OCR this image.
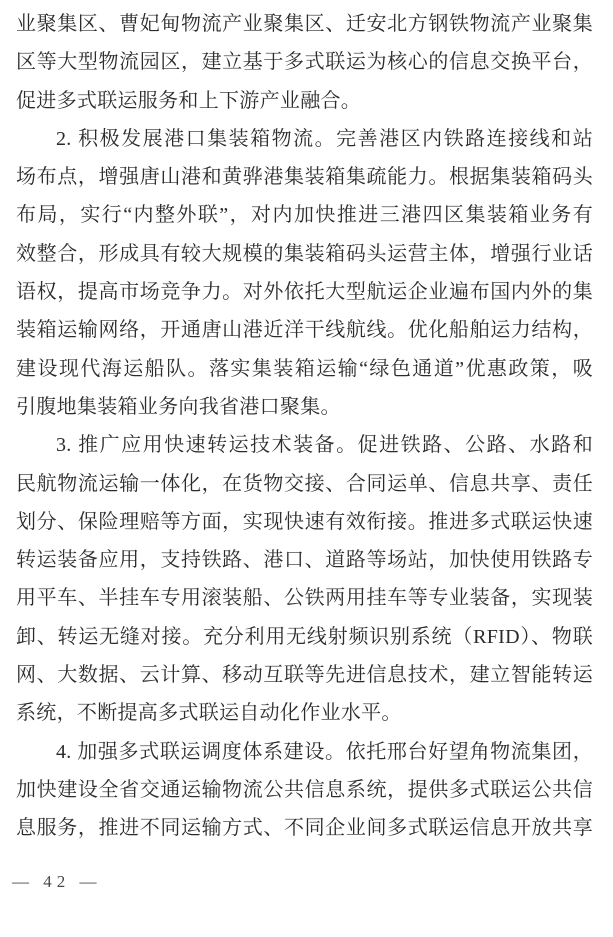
业聚集区、曹妃甸物流产业聚集区、迁安北方钢铁物流产业聚集
区等大型物流园区，建立基于多式联运为核心的信息交换平台，
促进多式联运服务和上下游产业融合。
2. 积极发展港口集装箱物流。完善港区内铁路连接线和站
场布点，增强唐山港和黄骅港集装箱集疏能力。根据集装箱码头
布局，实行“内整外联”，对内加快推进三港四区集装箱业务有
效整合，形成具有较大规模的集装箱码头运营主体，增强行业话
语权，提高市场竞争力。对外依托大型航运企业遍布国内外的集
装箱运输网络，开通唐山港近洋干线航线。优化船舶运力结构，
建设现代海运船队。落实集装箱运输“绿色通道”优惠政策，吸
引腹地集装箱业务向我省港口聚集。
3. 推广应用快速转运技术装备。促进铁路、公路、水路和
民航物流运输一体化，在货物交接、合同运单、信息共享、责任
划分、保险理赔等方面，实现快速有效衔接。推进多式联运快速
转运装备应用，支持铁路、港口、道路等场站，加快使用铁路专
用平车、半挂车专用滚装船、公铁两用挂车等专业装备，实现装
卸、转运无缝对接。充分利用无线射频识别系统（RFID）、物联
网、大数据、云计算、移动互联等先进信息技术，建立智能转运
系统，不断提高多式联运自动化作业水平。
4. 加强多式联运调度体系建设。依托邢台好望角物流集团，
加快建设全省交通运输物流公共信息系统，提供多式联运公共信
息服务，推进不同运输方式、不同企业间多式联运信息开放共享
— 42 —
